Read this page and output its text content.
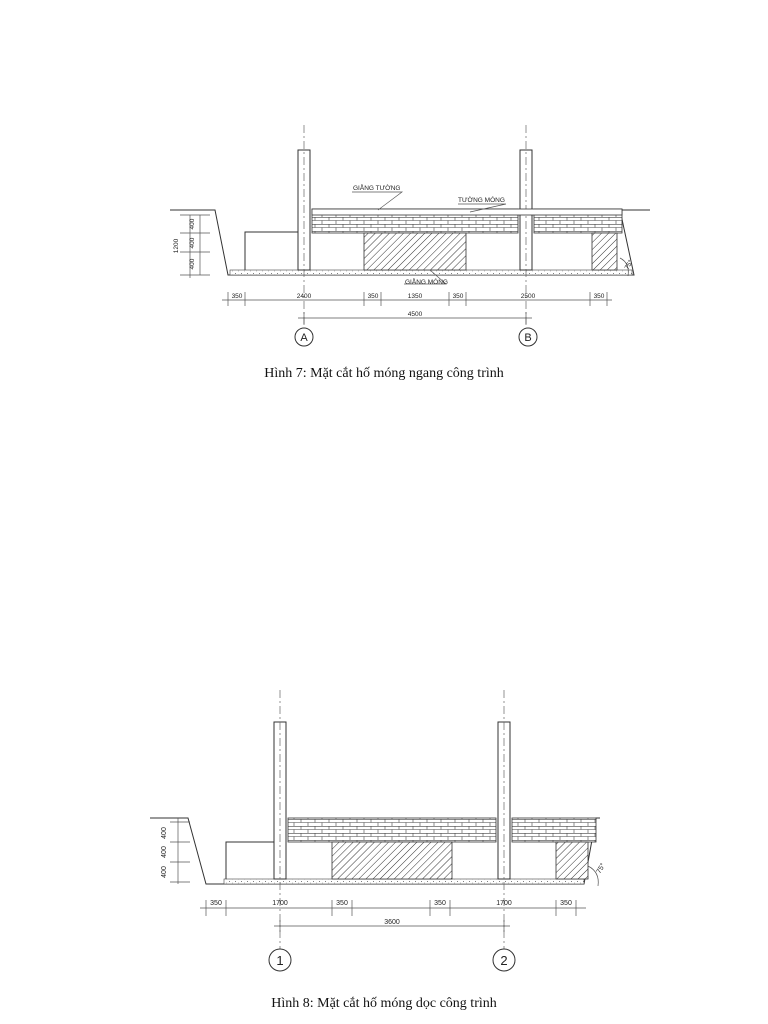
GIẰNG TƯỜNG
TƯỜNG MÓNG
GIẰNG MÓNG
75°
1200
400
400
400
350	2400	350	1350	350	2500	350
4500
A	B
75°
400
400
400
350	1700	350	350	1700	350
3600
1	2
Hình 7: Mặt cắt hố móng ngang công trình
Hình 8: Mặt cắt hố móng dọc công trình
